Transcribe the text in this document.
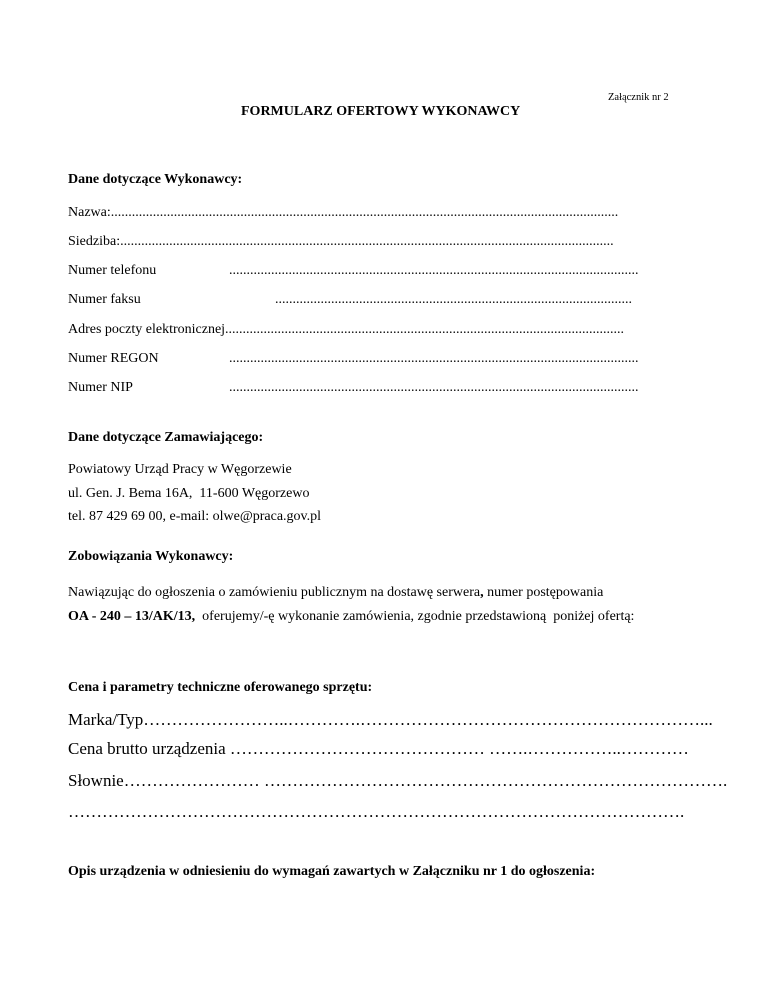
Załącznik nr 2
FORMULARZ OFERTOWY WYKONAWCY
Dane dotyczące Wykonawcy:
Nazwa:.................................................................................................................................................
Siedziba:.............................................................................................................................................
Numer telefonu	.....................................................................................................................
Numer faksu	......................................................................................................
Adres poczty elektronicznej..................................................................................................................
Numer REGON	.....................................................................................................................
Numer NIP	.....................................................................................................................
Dane dotyczące Zamawiającego:
Powiatowy Urząd Pracy w Węgorzewie
ul. Gen. J. Bema 16A,  11-600 Węgorzewo
tel. 87 429 69 00, e-mail: olwe@praca.gov.pl
Zobowiązania Wykonawcy:
Nawiązując do ogłoszenia o zamówieniu publicznym na dostawę serwera, numer postępowania
OA - 240 – 13/AK/13,  oferujemy/-ę wykonanie zamówienia, zgodnie przedstawioną  poniżej ofertą:
Cena i parametry techniczne oferowanego sprzętu:
Marka/Typ……………………..………….……………………………………………………...
Cena brutto urządzenia ……………………………………… …….……………..…………
Słownie…………………… ……………………………………………………………………….
……………………………………………………………………………………………….
Opis urządzenia w odniesieniu do wymagań zawartych w Załączniku nr 1 do ogłoszenia:
